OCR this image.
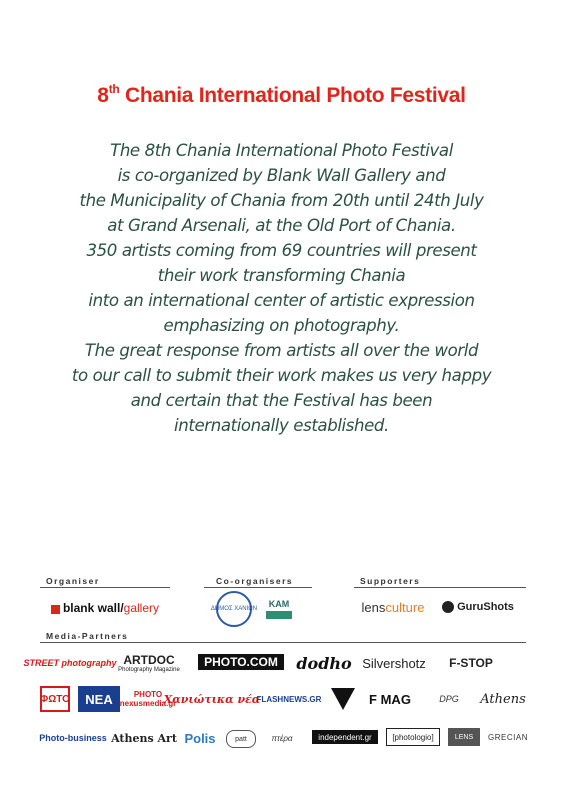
8th Chania International Photo Festival
The 8th Chania International Photo Festival
is co-organized by Blank Wall Gallery and
the Municipality of Chania from 20th until 24th July
at Grand Arsenali, at the Old Port of Chania.
350 artists coming from 69 countries will present
their work transforming Chania
into an international center of artistic expression
emphasizing on photography.
The great response from artists all over the world
to our call to submit their work makes us very happy
and certain that the Festival has been
internationally established.
Organiser	Co-organisers	Supporters
Media-Partners
blank wall / gallery	ΔΗΜΟΣ ΧΑΝΙΩΝ KAM	lens culture	GuruShots
STREET photography ARTDOC
Photography Magazine
PHOTO.COM	dodho Silvershotz	F-STOP
ΦΩΤΟ	NEA	PHOTO nexusmedia.gr
Χανιώτικα νέα
FLASHNEWS.GR	F MAG	DPG	Athens
Photo-business Athens Art Polis	patt	πτέρα	independent.gr	[photologio]	LENS	GRECIAN
